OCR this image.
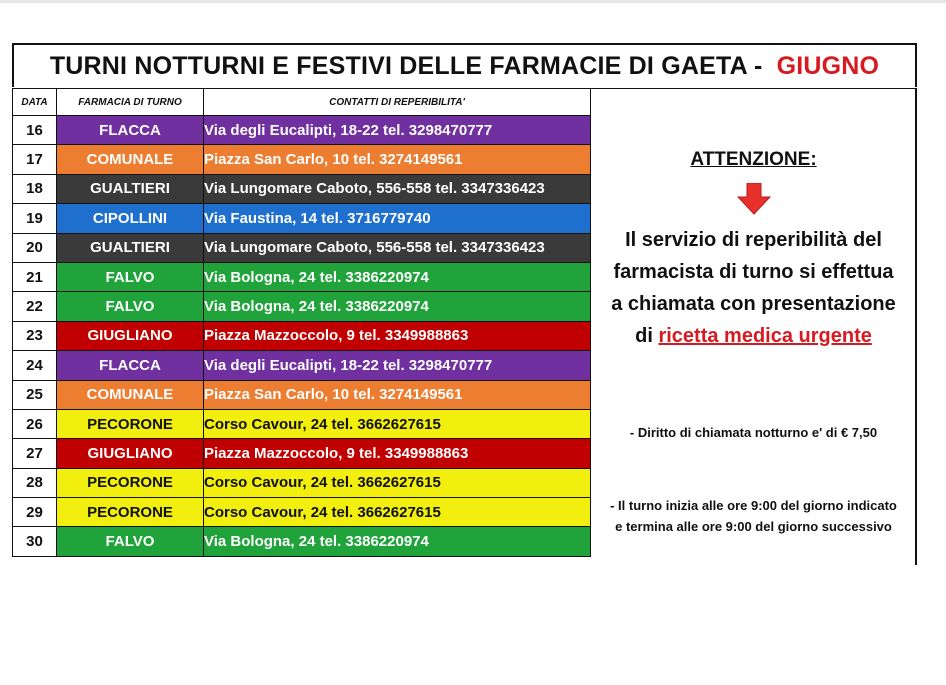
TURNI NOTTURNI E FESTIVI DELLE FARMACIE DI GAETA - GIUGNO
DATA	FARMACIA DI TURNO	CONTATTI DI REPERIBILITA'
16	FLACCA	Via degli Eucalipti, 18-22 tel. 3298470777
17	COMUNALE	Piazza San Carlo, 10 tel. 3274149561
18	GUALTIERI	Via Lungomare Caboto, 556-558 tel. 3347336423
19	CIPOLLINI	Via Faustina, 14 tel. 3716779740
20	GUALTIERI	Via Lungomare Caboto, 556-558 tel. 3347336423
21	FALVO	Via Bologna, 24 tel. 3386220974
22	FALVO	Via Bologna, 24 tel. 3386220974
23	GIUGLIANO	Piazza Mazzoccolo, 9 tel. 3349988863
24	FLACCA	Via degli Eucalipti, 18-22 tel. 3298470777
25	COMUNALE	Piazza San Carlo, 10 tel. 3274149561
26	PECORONE	Corso Cavour, 24 tel. 3662627615
27	GIUGLIANO	Piazza Mazzoccolo, 9 tel. 3349988863
28	PECORONE	Corso Cavour, 24 tel. 3662627615
29	PECORONE	Corso Cavour, 24 tel. 3662627615
30	FALVO	Via Bologna, 24 tel. 3386220974
ATTENZIONE:
Il servizio di reperibilità del
farmacista di turno si effettua
a chiamata con presentazione
di ricetta medica urgente
- Diritto di chiamata notturno e' di € 7,50
- Il turno inizia alle ore 9:00 del giorno indicato
e termina alle ore 9:00 del giorno successivo
